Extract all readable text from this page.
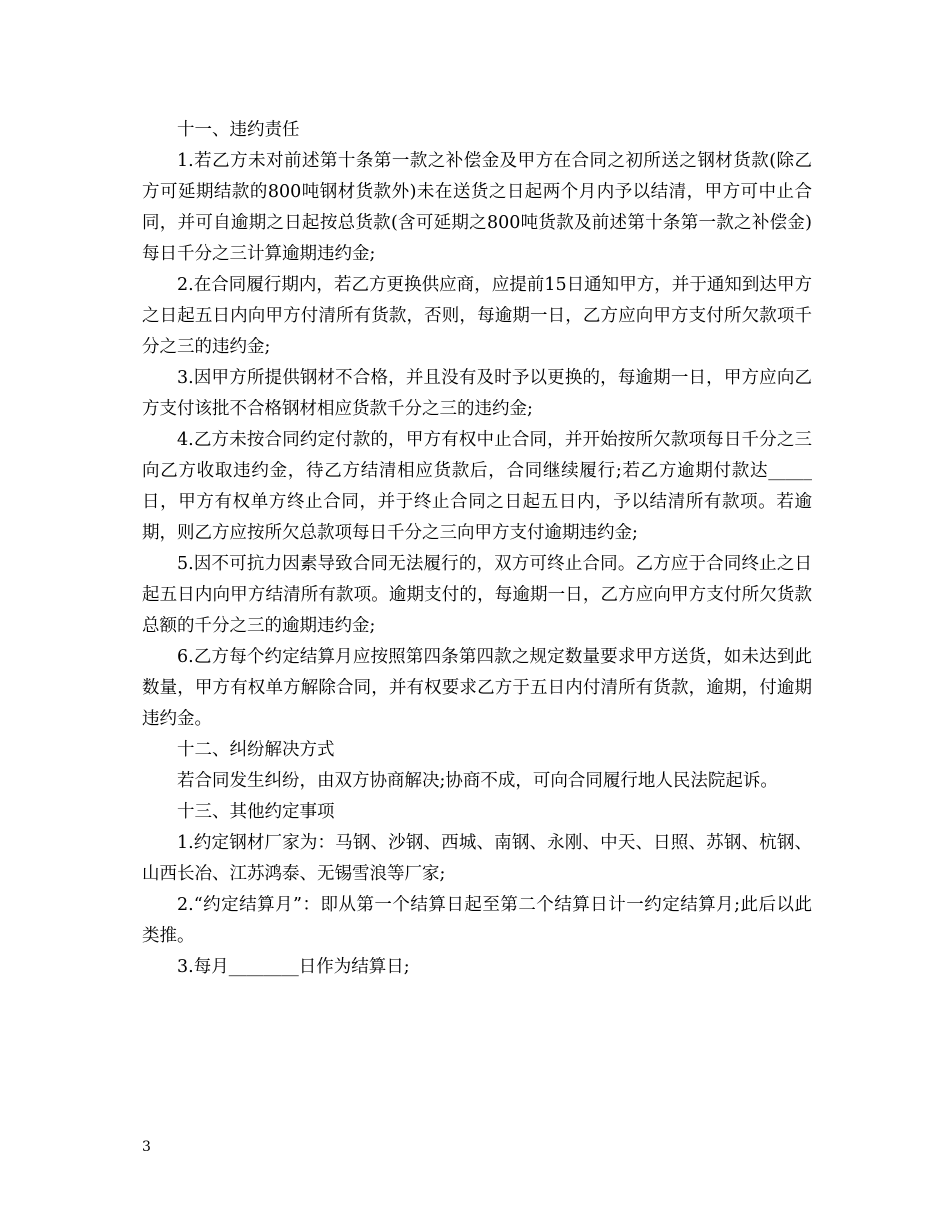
十一、违约责任

1.若乙方未对前述第十条第一款之补偿金及甲方在合同之初所送之钢材货款(除乙方可延期结款的800吨钢材货款外)未在送货之日起两个月内予以结清，甲方可中止合同，并可自逾期之日起按总货款(含可延期之800吨货款及前述第十条第一款之补偿金)每日千分之三计算逾期违约金;

2.在合同履行期内，若乙方更换供应商，应提前15日通知甲方，并于通知到达甲方之日起五日内向甲方付清所有货款，否则，每逾期一日，乙方应向甲方支付所欠款项千分之三的违约金;

3.因甲方所提供钢材不合格，并且没有及时予以更换的，每逾期一日，甲方应向乙方支付该批不合格钢材相应货款千分之三的违约金;

4.乙方未按合同约定付款的，甲方有权中止合同，并开始按所欠款项每日千分之三向乙方收取违约金，待乙方结清相应货款后，合同继续履行;若乙方逾期付款达_____日，甲方有权单方终止合同，并于终止合同之日起五日内，予以结清所有款项。若逾期，则乙方应按所欠总款项每日千分之三向甲方支付逾期违约金;

5.因不可抗力因素导致合同无法履行的，双方可终止合同。乙方应于合同终止之日起五日内向甲方结清所有款项。逾期支付的，每逾期一日，乙方应向甲方支付所欠货款总额的千分之三的逾期违约金;

6.乙方每个约定结算月应按照第四条第四款之规定数量要求甲方送货，如未达到此数量，甲方有权单方解除合同，并有权要求乙方于五日内付清所有货款，逾期，付逾期违约金。

十二、纠纷解决方式

若合同发生纠纷，由双方协商解决;协商不成，可向合同履行地人民法院起诉。

十三、其他约定事项

1.约定钢材厂家为：马钢、沙钢、西城、南钢、永刚、中天、日照、苏钢、杭钢、山西长冶、江苏鸿泰、无锡雪浪等厂家;

2.“约定结算月”：即从第一个结算日起至第二个结算日计一约定结算月;此后以此类推。

3.每月________日作为结算日;

3
